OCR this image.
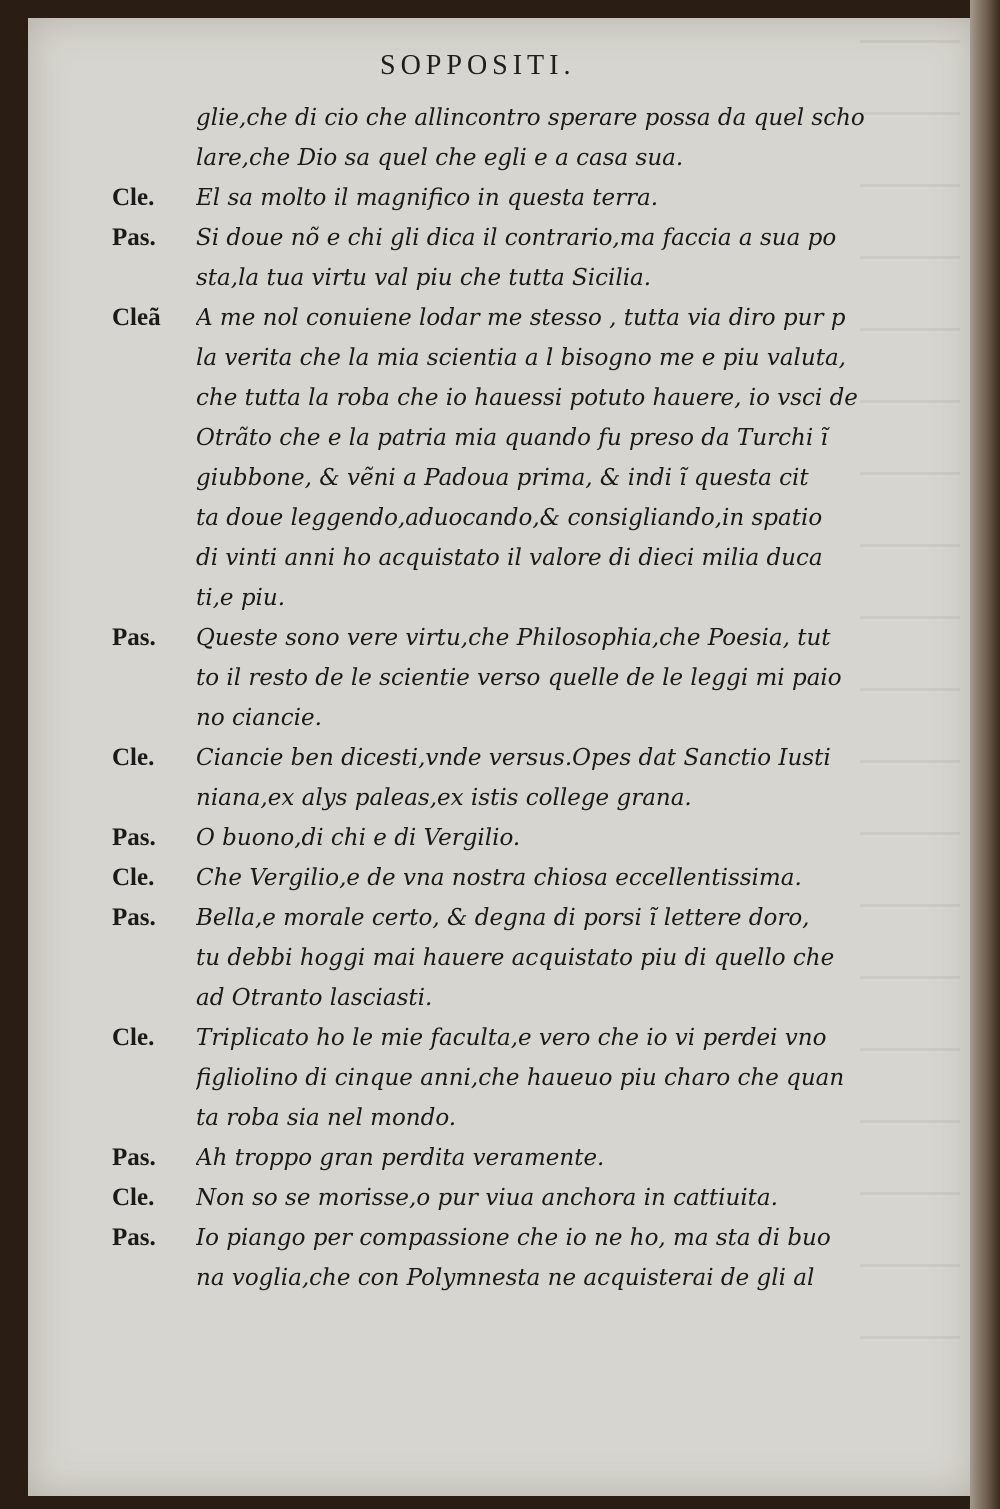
SOPPOSITI.
glie,che di cio che allincontro sperare possa da quel scho
lare,che Dio sa quel che egli e a casa sua.
Cle.	El sa molto il magnifico in questa terra.
Pas.	Si doue nõ e chi gli dica il contrario,ma faccia a sua po
sta,la tua virtu val piu che tutta Sicilia.
Cleã	A me nol conuiene lodar me stesso , tutta via diro pur p
la verita che la mia scientia a l bisogno me e piu valuta,
che tutta la roba che io hauessi potuto hauere, io vsci de
Otrãto che e la patria mia quando fu preso da Turchi ĩ
giubbone, & vẽni a Padoua prima, & indi ĩ questa cit
ta doue leggendo,aduocando,& consigliando,in spatio
di vinti anni ho acquistato il valore di dieci milia duca
ti,e piu.
Pas.	Queste sono vere virtu,che Philosophia,che Poesia, tut
to il resto de le scientie verso quelle de le leggi mi paio
no ciancie.
Cle.	Ciancie ben dicesti,vnde versus.Opes dat Sanctio Iusti
niana,ex alys paleas,ex istis college grana.
Pas.	O buono,di chi e di Vergilio.
Cle.	Che Vergilio,e de vna nostra chiosa eccellentissima.
Pas.	Bella,e morale certo, & degna di porsi ĩ lettere doro,
tu debbi hoggi mai hauere acquistato piu di quello che
ad Otranto lasciasti.
Cle.	Triplicato ho le mie faculta,e vero che io vi perdei vno
figliolino di cinque anni,che haueuo piu charo che quan
ta roba sia nel mondo.
Pas.	Ah troppo gran perdita veramente.
Cle.	Non so se morisse,o pur viua anchora in cattiuita.
Pas.	Io piango per compassione che io ne ho, ma sta di buo
na voglia,che con Polymnesta ne acquisterai de gli al
